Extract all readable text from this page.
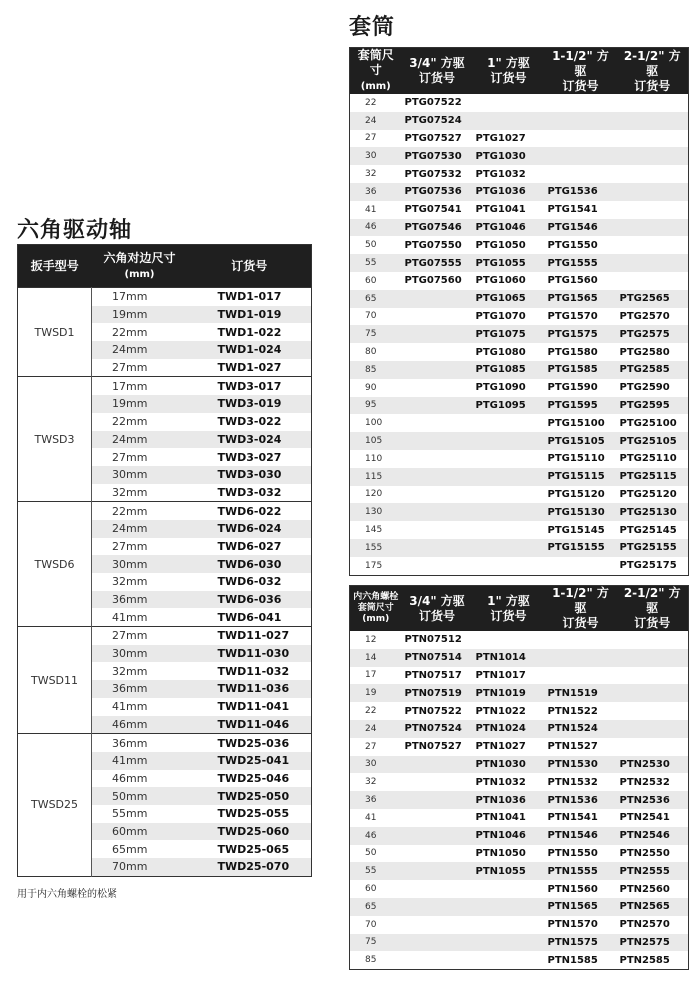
套筒
六角驱动轴
扳手型号	六角对边尺寸
(mm)	订货号
TWSD1	17mm	TWD1-017
	19mm	TWD1-019
	22mm	TWD1-022
	24mm	TWD1-024
	27mm	TWD1-027
TWSD3	17mm	TWD3-017
	19mm	TWD3-019
	22mm	TWD3-022
	24mm	TWD3-024
	27mm	TWD3-027
	30mm	TWD3-030
	32mm	TWD3-032
TWSD6	22mm	TWD6-022
	24mm	TWD6-024
	27mm	TWD6-027
	30mm	TWD6-030
	32mm	TWD6-032
	36mm	TWD6-036
	41mm	TWD6-041
TWSD11	27mm	TWD11-027
	30mm	TWD11-030
	32mm	TWD11-032
	36mm	TWD11-036
	41mm	TWD11-041
	46mm	TWD11-046
TWSD25	36mm	TWD25-036
	41mm	TWD25-041
	46mm	TWD25-046
	50mm	TWD25-050
	55mm	TWD25-055
	60mm	TWD25-060
	65mm	TWD25-065
	70mm	TWD25-070
用于内六角螺栓的松紧
套筒尺寸
(mm)	3/4" 方驱
订货号	1" 方驱
订货号	1-1/2" 方驱
订货号	2-1/2" 方驱
订货号
22	PTG07522			
24	PTG07524			
27	PTG07527	PTG1027		
30	PTG07530	PTG1030		
32	PTG07532	PTG1032		
36	PTG07536	PTG1036	PTG1536	
41	PTG07541	PTG1041	PTG1541	
46	PTG07546	PTG1046	PTG1546	
50	PTG07550	PTG1050	PTG1550	
55	PTG07555	PTG1055	PTG1555	
60	PTG07560	PTG1060	PTG1560	
65		PTG1065	PTG1565	PTG2565
70		PTG1070	PTG1570	PTG2570
75		PTG1075	PTG1575	PTG2575
80		PTG1080	PTG1580	PTG2580
85		PTG1085	PTG1585	PTG2585
90		PTG1090	PTG1590	PTG2590
95		PTG1095	PTG1595	PTG2595
100			PTG15100	PTG25100
105			PTG15105	PTG25105
110			PTG15110	PTG25110
115			PTG15115	PTG25115
120			PTG15120	PTG25120
130			PTG15130	PTG25130
145			PTG15145	PTG25145
155			PTG15155	PTG25155
175				PTG25175
内六角螺栓
套筒尺寸
(mm)	3/4" 方驱
订货号	1" 方驱
订货号	1-1/2" 方驱
订货号	2-1/2" 方驱
订货号
12	PTN07512			
14	PTN07514	PTN1014		
17	PTN07517	PTN1017		
19	PTN07519	PTN1019	PTN1519	
22	PTN07522	PTN1022	PTN1522	
24	PTN07524	PTN1024	PTN1524	
27	PTN07527	PTN1027	PTN1527	
30		PTN1030	PTN1530	PTN2530
32		PTN1032	PTN1532	PTN2532
36		PTN1036	PTN1536	PTN2536
41		PTN1041	PTN1541	PTN2541
46		PTN1046	PTN1546	PTN2546
50		PTN1050	PTN1550	PTN2550
55		PTN1055	PTN1555	PTN2555
60			PTN1560	PTN2560
65			PTN1565	PTN2565
70			PTN1570	PTN2570
75			PTN1575	PTN2575
85			PTN1585	PTN2585
